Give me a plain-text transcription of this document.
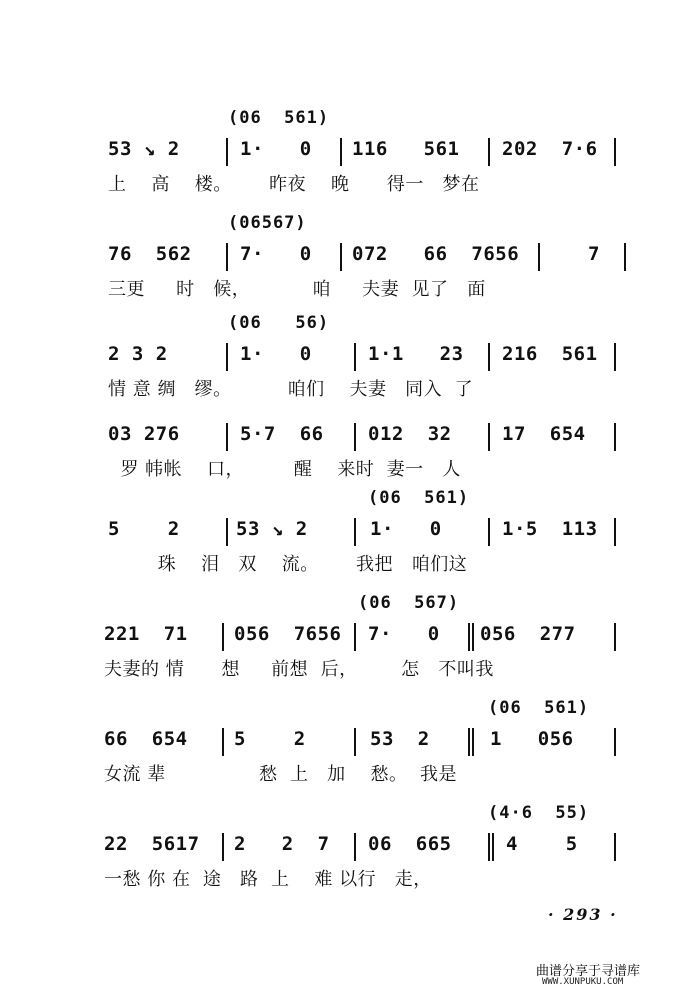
(06  561)
53 ↘ 2	1·   0 116   561 202  7·6
上    高    楼。      昨夜    晚      得一   梦在
(06567)
76  562	7·   0 072   66  7656	7
三更     时   候，          咱     夫妻  见了   面
(06   56)
2 3 2	1·   0	1·1   23 216  561
情 意 绸   缪。         咱们    夫妻   同入  了
03 276	5·7  66 012  32	17  654
罗 帏帐    口，        醒    来时  妻一   人
(06  561)
5    2	53 ↘ 2	1·   0	1·5  113
珠    泪   双    流。      我把   咱们这
(06  567)
221  71 056  7656 7·   0 056  277
夫妻的 情      想     前想  后，       怎   不叫我
(06  561)
66  654 5    2	53  2	1   056
女流 辈               愁  上   加    愁。  我是
(4·6  55)
22  5617 2   2  7 06  665	4    5
一愁 你 在  途   路  上    难 以行   走，
· 293 ·
曲谱分享于寻谱库
WWW.XUNPUKU.COM
